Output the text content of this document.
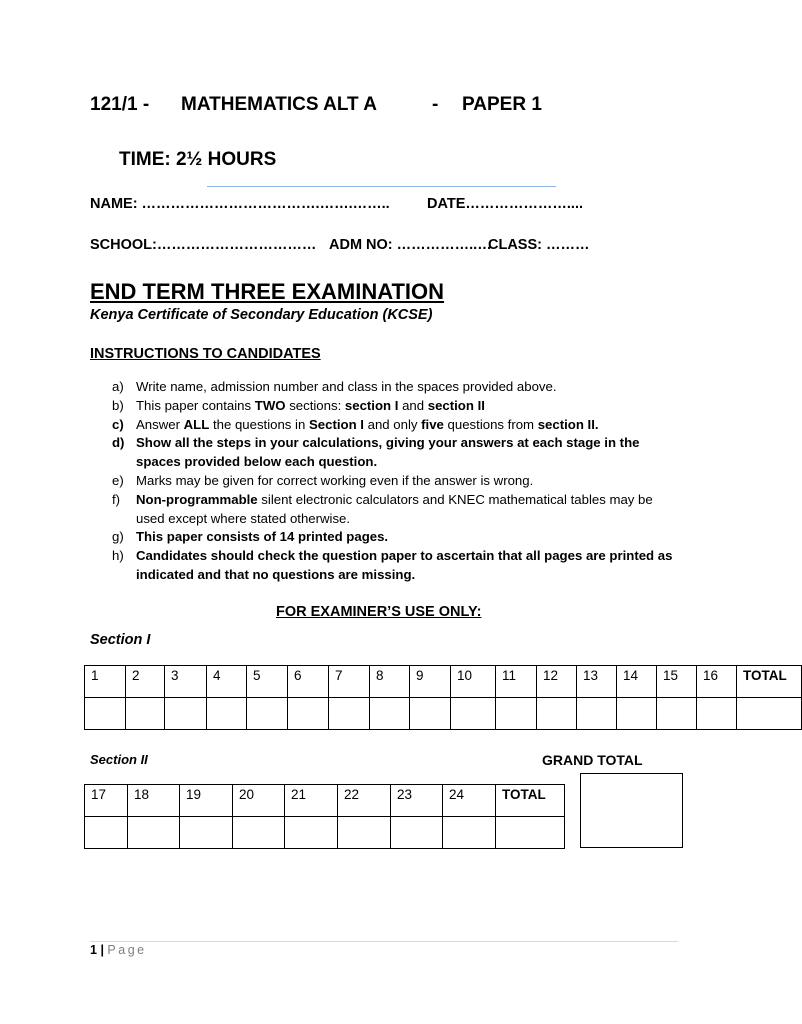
121/1 - MATHEMATICS ALT A	- PAPER 1
TIME: 2½ HOURS
NAME: ……………………………….…….……..	DATE…………………....
SCHOOL:…………………………… ADM NO: ……………..…
CLASS: ………
END TERM THREE EXAMINATION
Kenya Certificate of Secondary Education (KCSE)
INSTRUCTIONS TO CANDIDATES
a) Write name, admission number and class in the spaces provided above.
b) This paper contains TWO sections: section I and section II
c) Answer ALL the questions in Section I and only five questions from section II.
d) Show all the steps in your calculations, giving your answers at each stage in the spaces provided below each question.
e) Marks may be given for correct working even if the answer is wrong.
f) Non-programmable silent electronic calculators and KNEC mathematical tables may be used except where stated otherwise.
g) This paper consists of 14 printed pages.
h) Candidates should check the question paper to ascertain that all pages are printed as indicated and that no questions are missing.
FOR EXAMINER’S USE ONLY:
Section I
1	2	3	4	5	6	7	8	9	10	11	12	13	14	15	16	TOTAL

Section II	GRAND TOTAL
17	18	19	20	21	22	23	24	TOTAL

1 | Page
